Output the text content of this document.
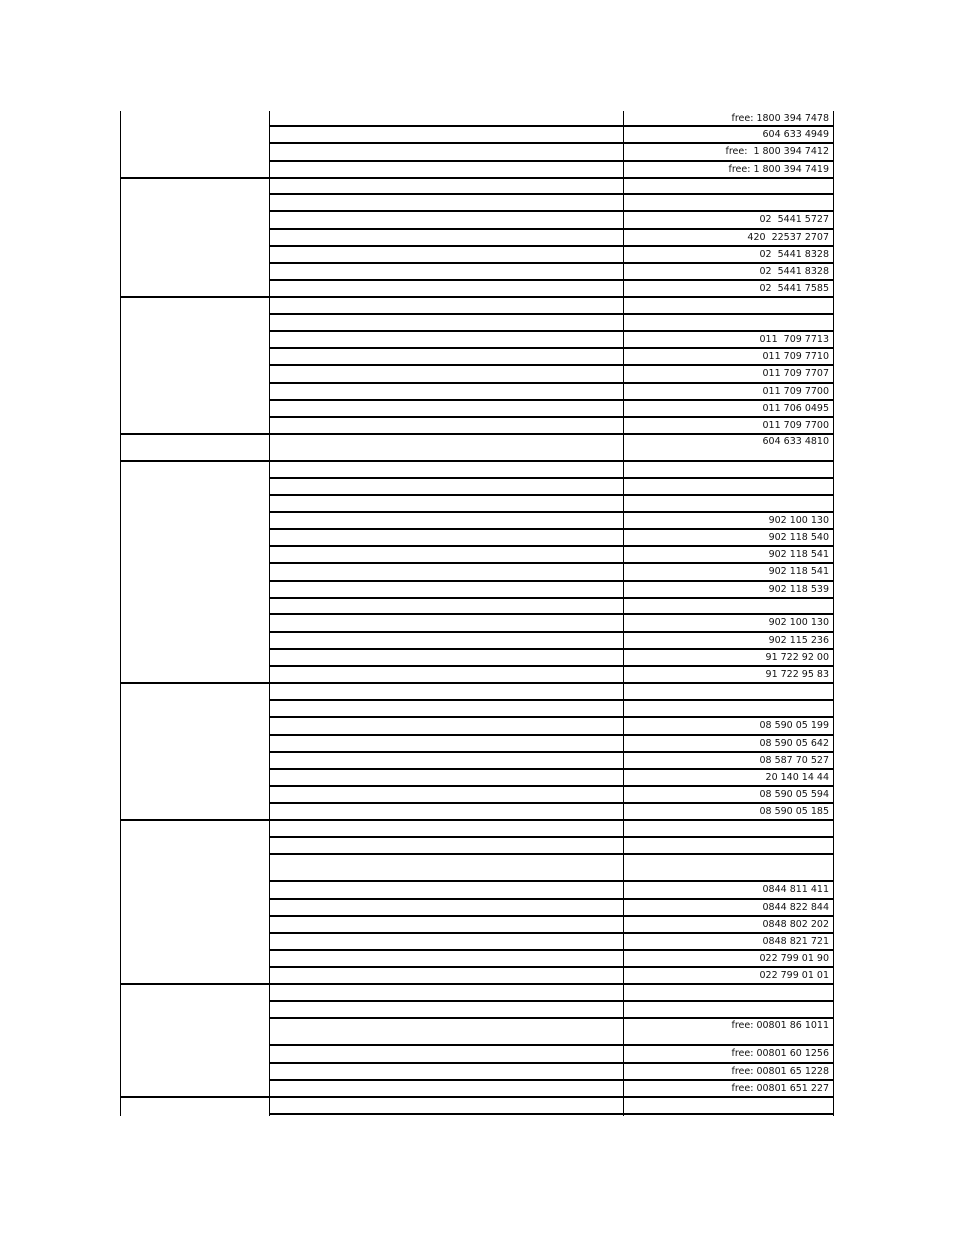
free: 1800 394 7478
604 633 4949
free:  1 800 394 7412
free: 1 800 394 7419
02  5441 5727
420  22537 2707
02  5441 8328
02  5441 8328
02  5441 7585
011  709 7713
011 709 7710
011 709 7707
011 709 7700
011 706 0495
011 709 7700
604 633 4810
902 100 130
902 118 540
902 118 541
902 118 541
902 118 539
902 100 130
902 115 236
91 722 92 00
91 722 95 83
08 590 05 199
08 590 05 642
08 587 70 527
20 140 14 44
08 590 05 594
08 590 05 185
0844 811 411
0844 822 844
0848 802 202
0848 821 721
022 799 01 90
022 799 01 01
free: 00801 86 1011
free: 00801 60 1256
free: 00801 65 1228
free: 00801 651 227
